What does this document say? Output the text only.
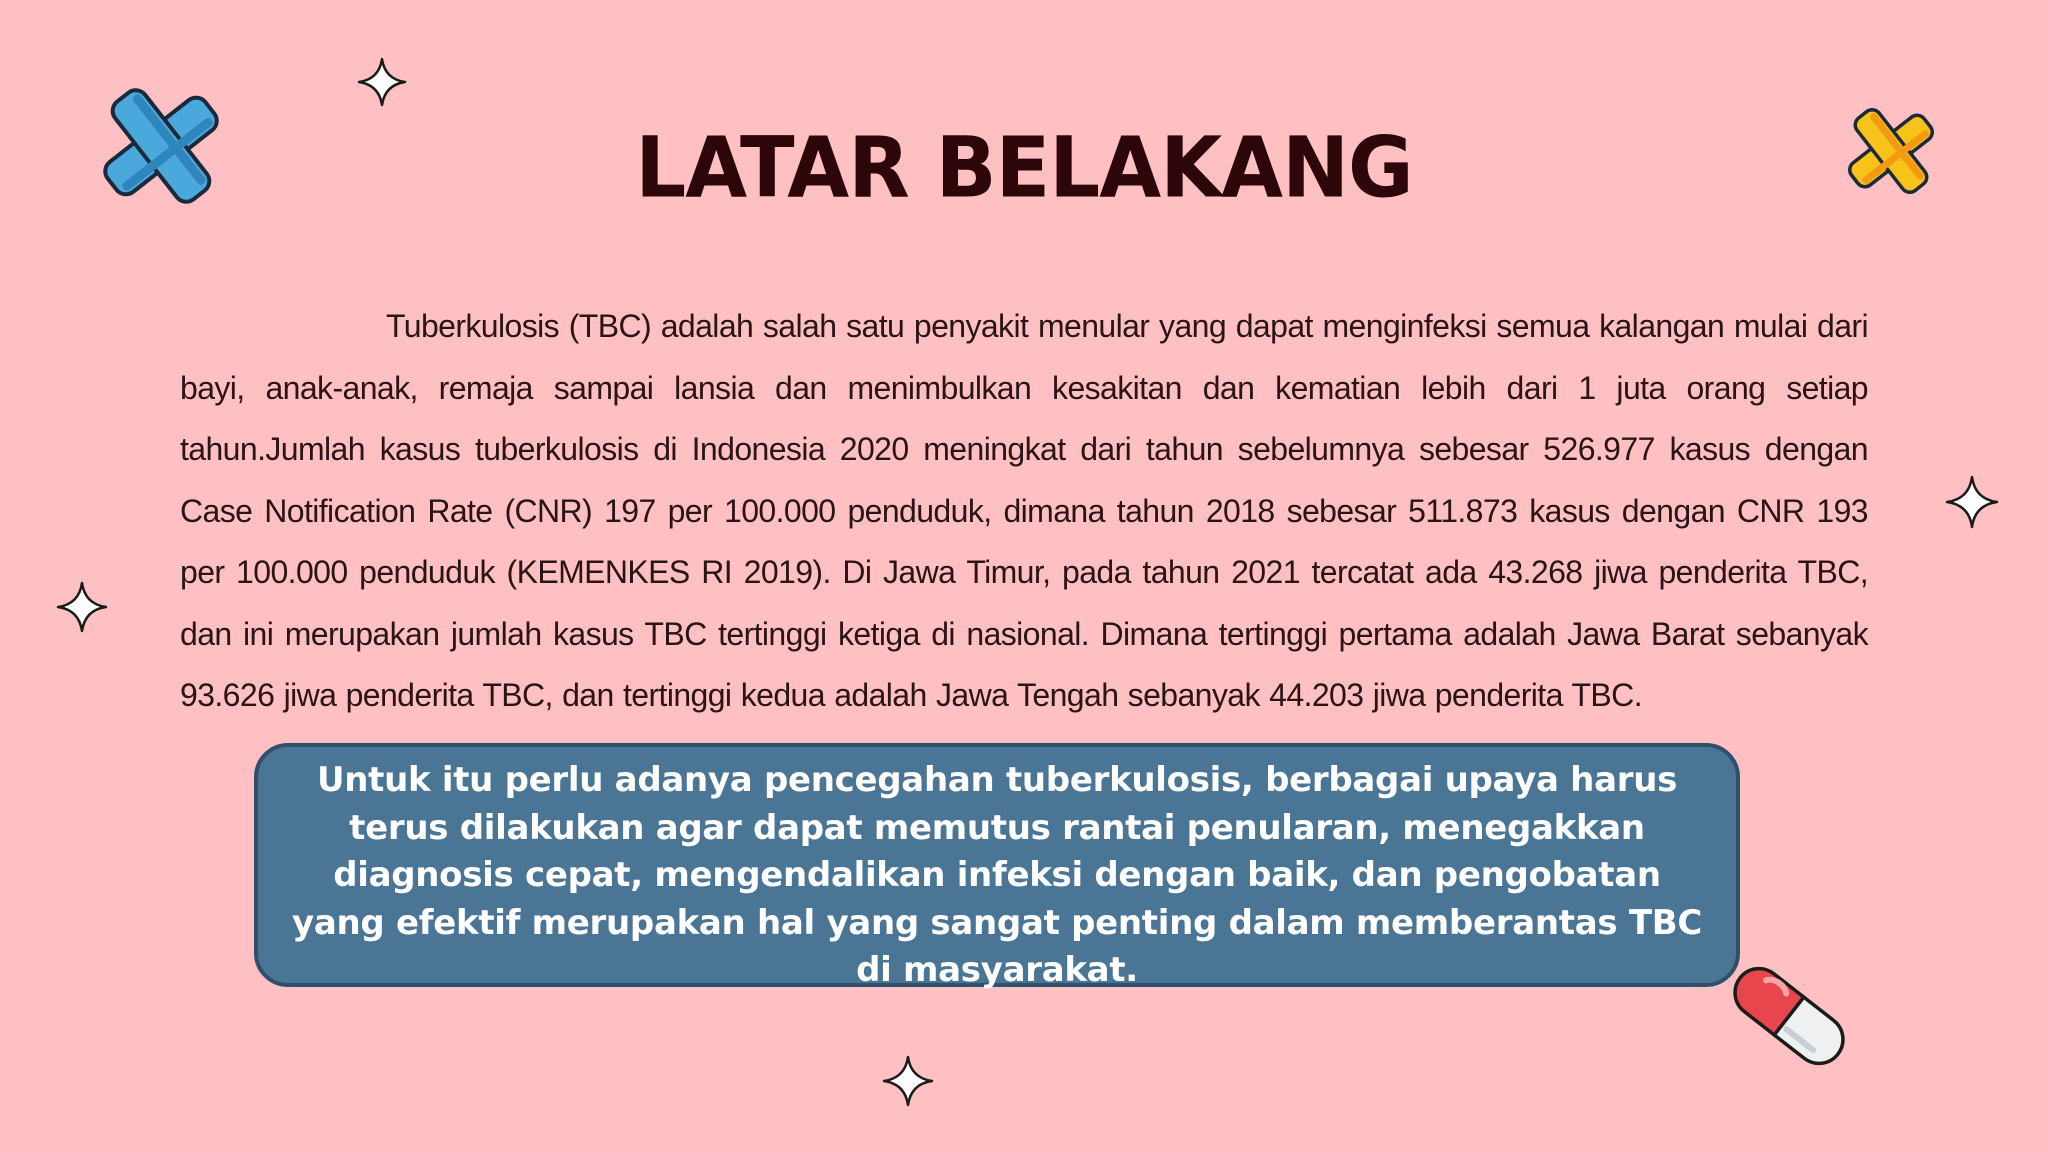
LATAR BELAKANG
Tuberkulosis (TBC) adalah salah satu penyakit menular yang dapat menginfeksi semua kalangan mulai dari bayi, anak-anak, remaja sampai lansia dan menimbulkan kesakitan dan kematian lebih dari 1 juta orang setiap tahun.Jumlah kasus tuberkulosis di Indonesia 2020 meningkat dari tahun sebelumnya sebesar 526.977 kasus dengan Case Notification Rate (CNR) 197 per 100.000 penduduk, dimana tahun 2018 sebesar 511.873 kasus dengan CNR 193 per 100.000 penduduk (KEMENKES RI 2019). Di Jawa Timur, pada tahun 2021 tercatat ada 43.268 jiwa penderita TBC, dan ini merupakan jumlah kasus TBC tertinggi ketiga di nasional. Dimana tertinggi pertama adalah Jawa Barat sebanyak 93.626 jiwa penderita TBC, dan tertinggi kedua adalah Jawa Tengah sebanyak 44.203 jiwa penderita TBC.
Untuk itu perlu adanya pencegahan tuberkulosis, berbagai upaya harus terus dilakukan agar dapat memutus rantai penularan, menegakkan diagnosis cepat, mengendalikan infeksi dengan baik, dan pengobatan yang efektif merupakan hal yang sangat penting dalam memberantas TBC di masyarakat.
